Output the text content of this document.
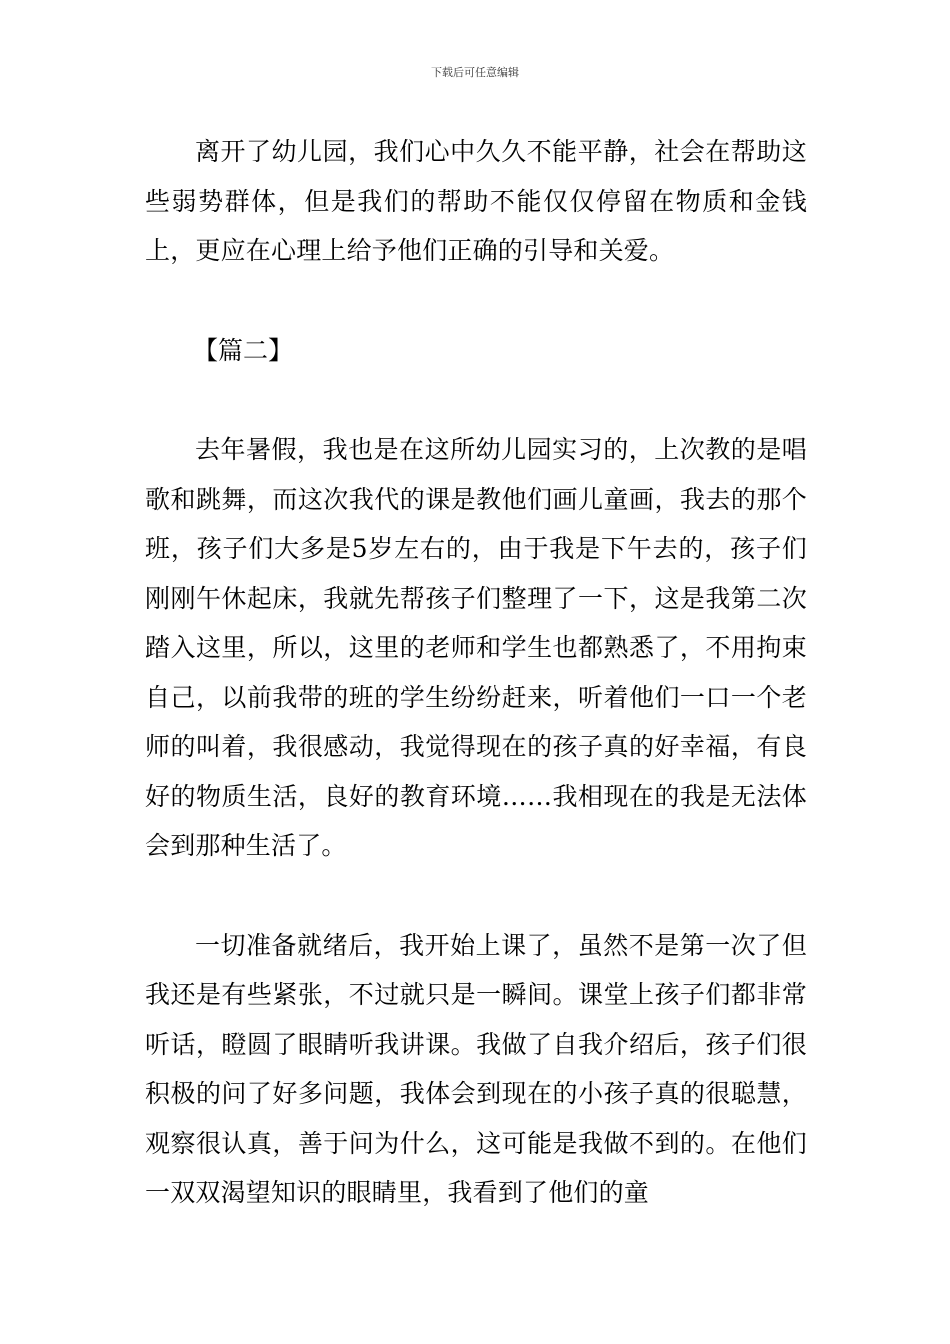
下载后可任意编辑

离开了幼儿园，我们心中久久不能平静，社会在帮助这些弱势群体，但是我们的帮助不能仅仅停留在物质和金钱上，更应在心理上给予他们正确的引导和关爱。

【篇二】

去年暑假，我也是在这所幼儿园实习的，上次教的是唱歌和跳舞，而这次我代的课是教他们画儿童画，我去的那个班，孩子们大多是5岁左右的，由于我是下午去的，孩子们刚刚午休起床，我就先帮孩子们整理了一下，这是我第二次踏入这里，所以，这里的老师和学生也都熟悉了，不用拘束自己，以前我带的班的学生纷纷赶来，听着他们一口一个老师的叫着，我很感动，我觉得现在的孩子真的好幸福，有良好的物质生活，良好的教育环境……我相现在的我是无法体会到那种生活了。

一切准备就绪后，我开始上课了，虽然不是第一次了但我还是有些紧张，不过就只是一瞬间。课堂上孩子们都非常听话，瞪圆了眼睛听我讲课。我做了自我介绍后，孩子们很积极的问了好多问题，我体会到现在的小孩子真的很聪慧，观察很认真，善于问为什么，这可能是我做不到的。在他们一双双渴望知识的眼睛里，我看到了他们的童
